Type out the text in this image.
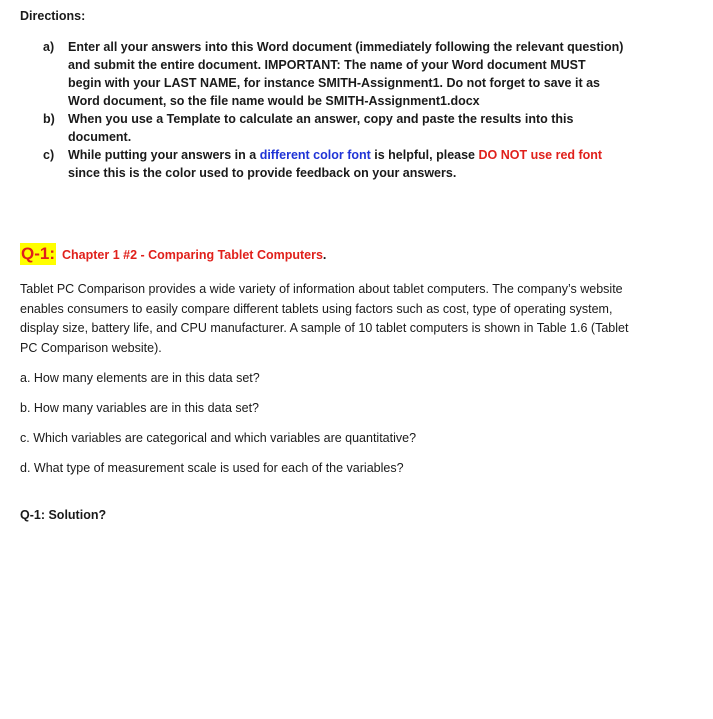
Directions:

a) Enter all your answers into this Word document (immediately following the relevant question)
and submit the entire document. IMPORTANT: The name of your Word document MUST
begin with your LAST NAME, for instance SMITH-Assignment1. Do not forget to save it as
Word document, so the file name would be SMITH-Assignment1.docx
b) When you use a Template to calculate an answer, copy and paste the results into this
document.
c) While putting your answers in a different color font is helpful, please DO NOT use red font
since this is the color used to provide feedback on your answers.
Q-1: Chapter 1 #2 - Comparing Tablet Computers .

Tablet PC Comparison provides a wide variety of information about tablet computers. The company’s website enables consumers to easily compare different tablets using factors such as cost, type of operating system, display size, battery life, and CPU manufacturer. A sample of 10 tablet computers is shown in Table 1.6 (Tablet PC Comparison website).

a. How many elements are in this data set?

b. How many variables are in this data set?

c. Which variables are categorical and which variables are quantitative?

d. What type of measurement scale is used for each of the variables?

Q-1: Solution?
